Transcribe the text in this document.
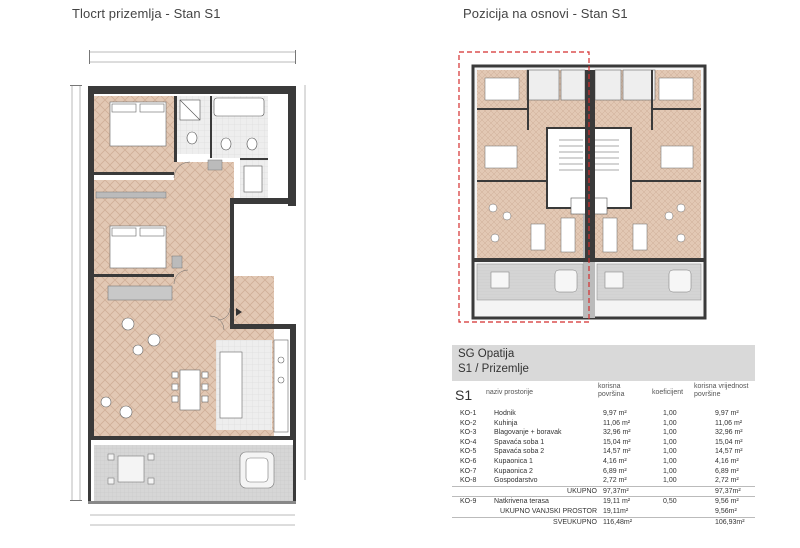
Tlocrt prizemlja - Stan S1	Pozicija na osnovi - Stan S1
SG Opatija
S1 / Prizemlje
S1 naziv prostorije
korisna površina	koeficijent
korisna vrijednost površine
KO-1	Hodnik	9,97 m²	1,00	9,97 m²
KO-2	Kuhinja	11,06 m²	1,00	11,06 m²
KO-3	Blagovanje + boravak	32,96 m²	1,00	32,96 m²
KO-4	Spavaća soba 1	15,04 m²	1,00	15,04 m²
KO-5	Spavaća soba 2	14,57 m²	1,00	14,57 m²
KO-6	Kupaonica 1	4,16 m²	1,00	4,16 m²
KO-7	Kupaonica 2	6,89 m²	1,00	6,89 m²
KO-8	Gospodarstvo	2,72 m²	1,00	2,72 m²
	UKUPNO	97,37m²		97,37m²
KO-9	Natkrivena terasa	19,11 m²	0,50	9,56 m²
	UKUPNO VANJSKI PROSTOR	19,11m²		9,56m²
	SVEUKUPNO	116,48m²		106,93m²
